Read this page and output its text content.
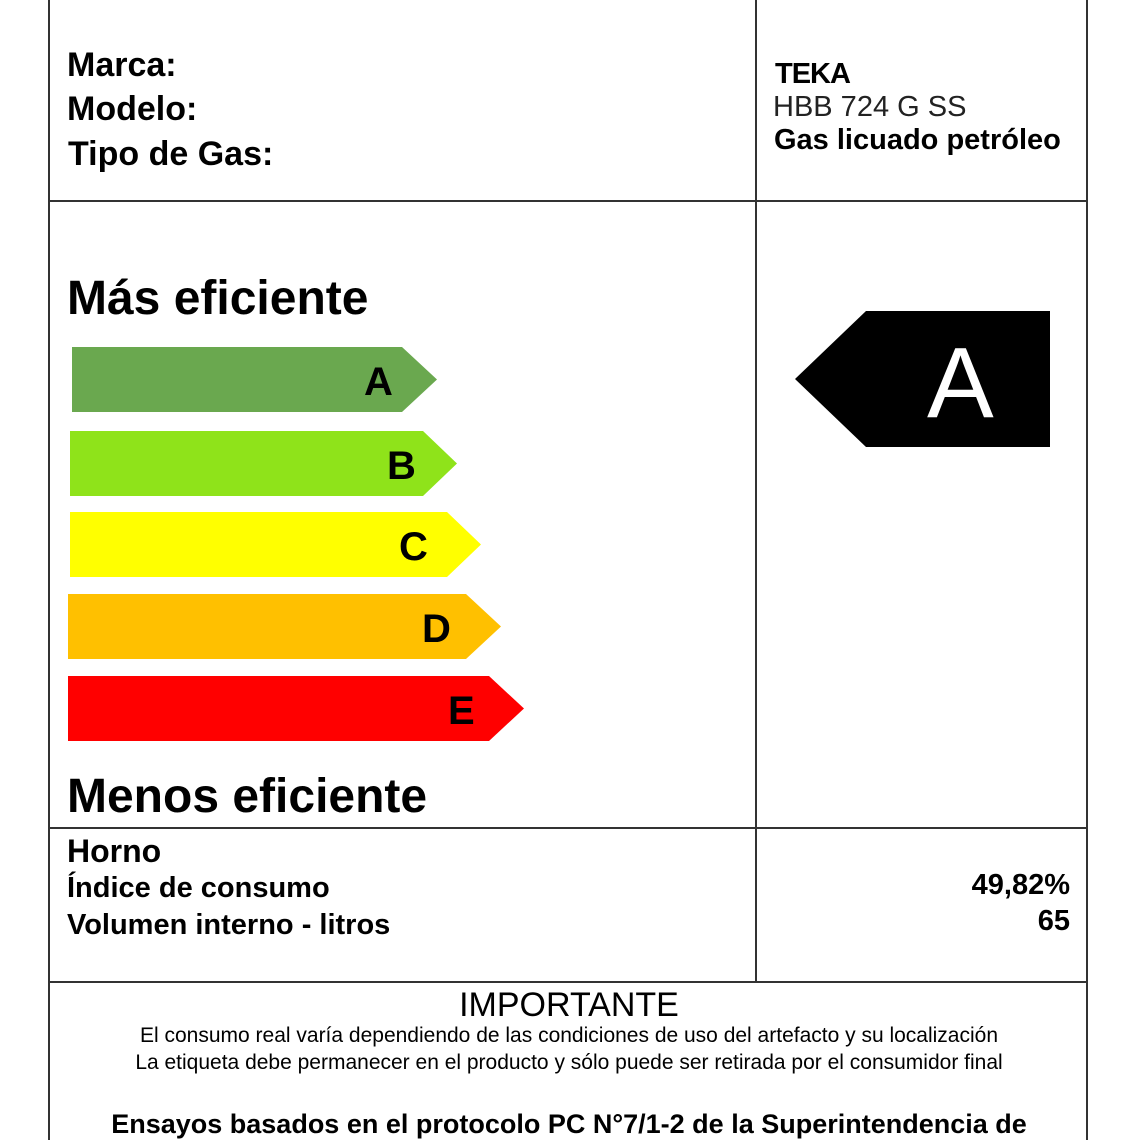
Marca:
Modelo:
Tipo de Gas:
TEKA
HBB 724 G SS
Gas licuado petróleo
Más eficiente
A
B
C
D
E
Menos eficiente
A
Horno
Índice de consumo
Volumen interno - litros
49,82%
65
IMPORTANTE
El consumo real varía dependiendo de las condiciones de uso del artefacto y su localización
La etiqueta debe permanecer en el producto y sólo puede ser retirada por el consumidor final
Ensayos basados en el protocolo PC N°7/1-2 de la Superintendencia de
